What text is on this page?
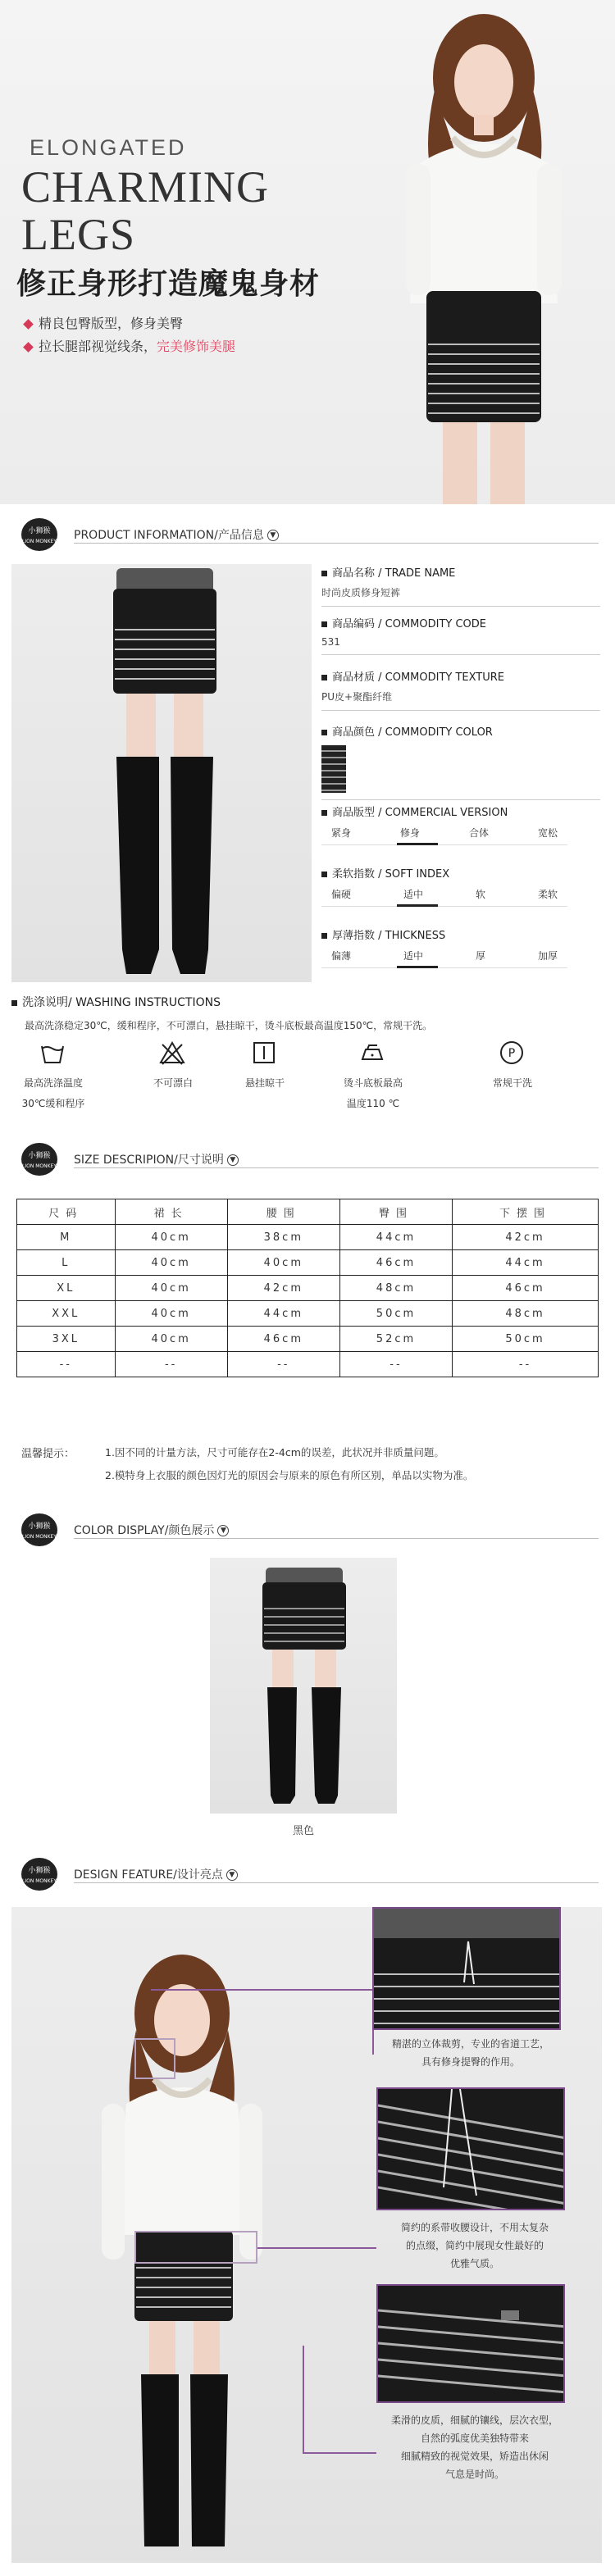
ELONGATED
CHARMING
LEGS
修正身形打造魔鬼身材
精良包臀版型，修身美臀
拉长腿部视觉线条，完美修饰美腿
小狮猴
LION MONKEY PRODUCT INFORMATION/产品信息 ▼
商品名称 / TRADE NAME
时尚皮质修身短裤
商品编码 / COMMODITY CODE
531
商品材质 / COMMODITY TEXTURE
PU皮+聚酯纤维
商品颜色 / COMMODITY COLOR
商品版型 / COMMERCIAL VERSION
紧身	修身	合体	宽松
柔软指数 / SOFT INDEX
偏硬	适中	软	柔软
厚薄指数 / THICKNESS
偏薄	适中	厚	加厚
洗涤说明/ WASHING INSTRUCTIONS
最高洗涤稳定30℃，缓和程序，不可漂白，悬挂晾干，烫斗底板最高温度150℃，常规干洗。
P
最高洗涤温度
30℃缓和程序
不可漂白	悬挂晾干	烫斗底板最高
温度110 ℃
常规干洗
小狮猴
LION MONKEY SIZE DESCRIPION/尺寸说明 ▼
尺码	裙长	腰围	臀围	下摆围
M	40cm	38cm	44cm	42cm
L	40cm	40cm	46cm	44cm
XL	40cm	42cm	48cm	46cm
XXL	40cm	44cm	50cm	48cm
3XL	40cm	46cm	52cm	50cm
--	--	--	--	--
温馨提示：	1.因不同的计量方法，尺寸可能存在2-4cm的误差，此状况并非质量问题。
2.模特身上衣服的颜色因灯光的原因会与原来的原色有所区别，单品以实物为准。
小狮猴
LION MONKEY COLOR DISPLAY/颜色展示 ▼
黑色
小狮猴
LION MONKEY DESIGN FEATURE/设计亮点 ▼
精湛的立体裁剪，专业的省道工艺，
具有修身提臀的作用。
简约的系带收腰设计，不用太复杂
的点缀，简约中展现女性最好的
优雅气质。
柔滑的皮质，细腻的镶线，层次衣型，
自然的弧度优美独特带来
细腻精致的视觉效果，矫造出休闲
气息是时尚。
